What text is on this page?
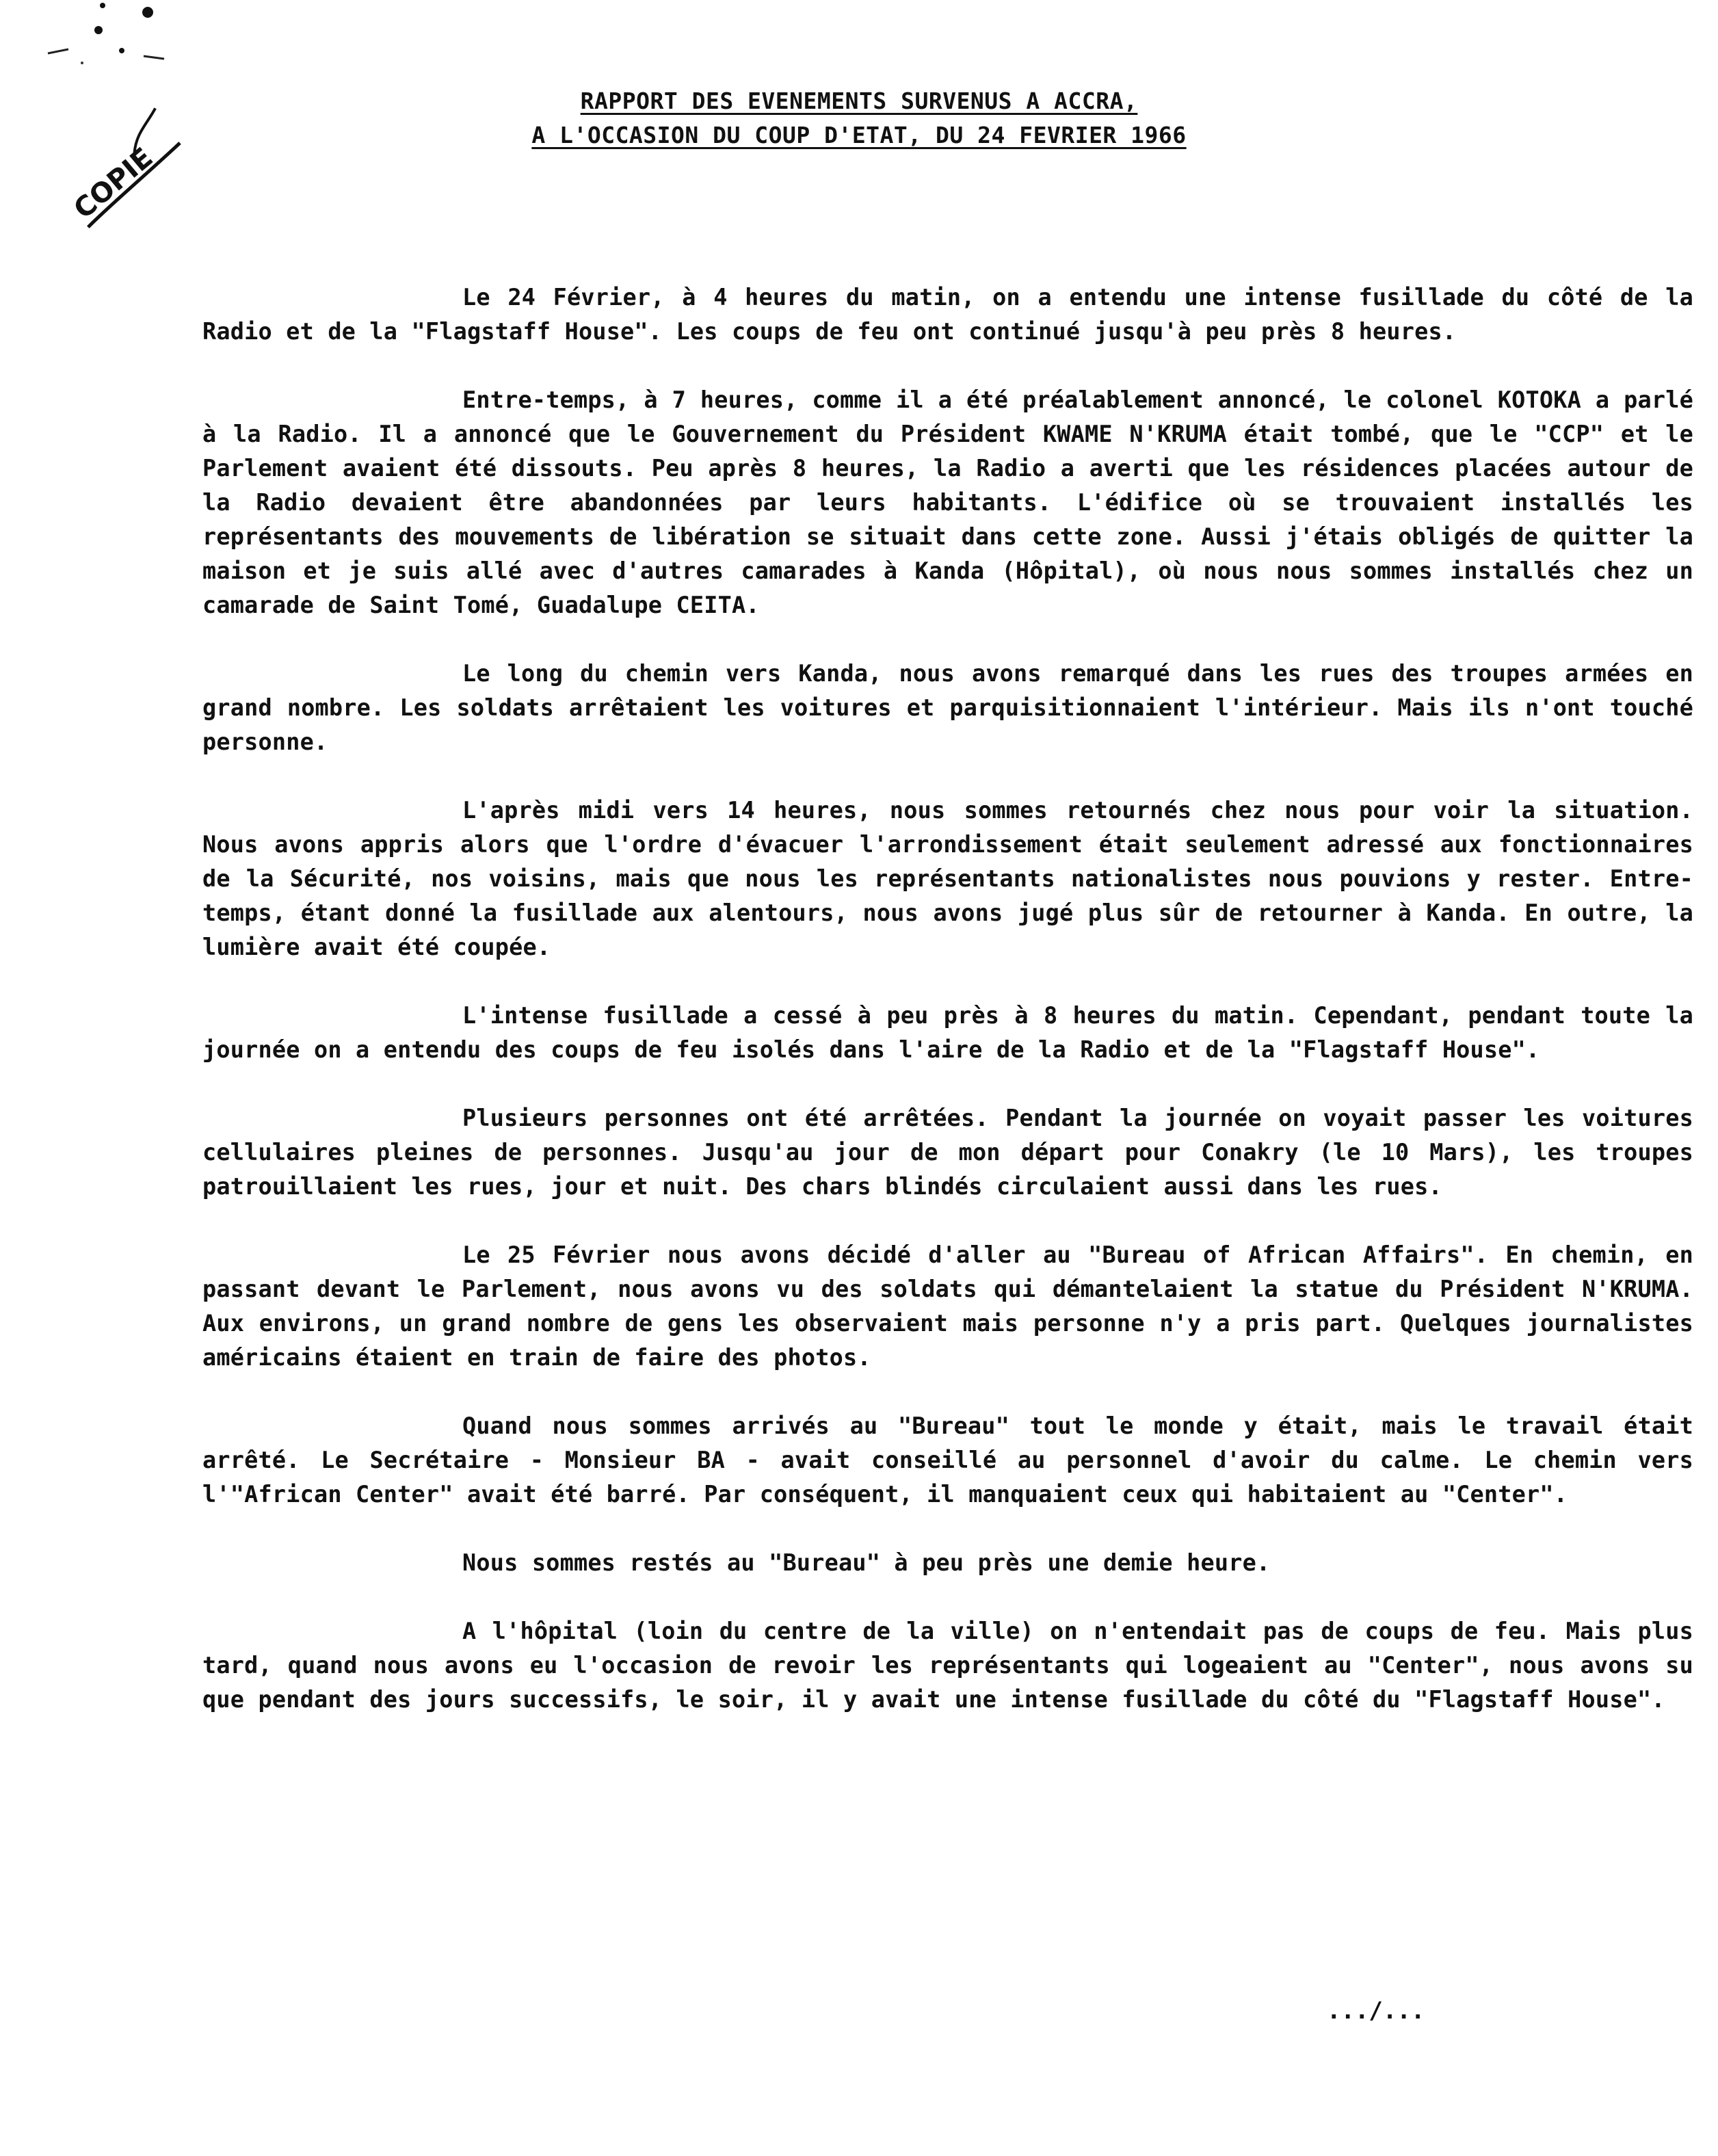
COPIE
RAPPORT DES EVENEMENTS SURVENUS A ACCRA,
A L'OCCASION DU COUP D'ETAT, DU 24 FEVRIER 1966

Le 24 Février, à 4 heures du matin, on a entendu une intense fusillade du côté de la Radio et de la "Flagstaff House". Les coups de feu ont continué jusqu'à peu près 8 heures.

Entre-temps, à 7 heures, comme il a été préalablement annoncé, le colonel KOTOKA a parlé à la Radio. Il a annoncé que le Gouvernement du Président KWAME N'KRUMA était tombé, que le "CCP" et le Parlement avaient été dissouts. Peu après 8 heures, la Radio a averti que les résidences placées autour de la Radio devaient être abandonnées par leurs habitants. L'édifice où se trouvaient installés les représentants des mouvements de libération se situait dans cette zone. Aussi j'étais obligés de quitter la maison et je suis allé avec d'autres camarades à Kanda (Hôpital), où nous nous sommes installés chez un camarade de Saint Tomé, Guadalupe CEITA.

Le long du chemin vers Kanda, nous avons remarqué dans les rues des troupes armées en grand nombre. Les soldats arrêtaient les voitures et parquisitionnaient l'intérieur. Mais ils n'ont touché personne.

L'après midi vers 14 heures, nous sommes retournés chez nous pour voir la situation. Nous avons appris alors que l'ordre d'évacuer l'arrondissement était seulement adressé aux fonctionnaires de la Sécurité, nos voisins, mais que nous les représentants nationalistes nous pouvions y rester. Entre-temps, étant donné la fusillade aux alentours, nous avons jugé plus sûr de retourner à Kanda. En outre, la lumière avait été coupée.

L'intense fusillade a cessé à peu près à 8 heures du matin. Cependant, pendant toute la journée on a entendu des coups de feu isolés dans l'aire de la Radio et de la "Flagstaff House".

Plusieurs personnes ont été arrêtées. Pendant la journée on voyait passer les voitures cellulaires pleines de personnes. Jusqu'au jour de mon départ pour Conakry (le 10 Mars), les troupes patrouillaient les rues, jour et nuit. Des chars blindés circulaient aussi dans les rues.

Le 25 Février nous avons décidé d'aller au "Bureau of African Affairs". En chemin, en passant devant le Parlement, nous avons vu des soldats qui démantelaient la statue du Président N'KRUMA. Aux environs, un grand nombre de gens les observaient mais personne n'y a pris part. Quelques journalistes américains étaient en train de faire des photos.

Quand nous sommes arrivés au "Bureau" tout le monde y était, mais le travail était arrêté. Le Secrétaire - Monsieur BA - avait conseillé au personnel d'avoir du calme. Le chemin vers l'"African Center" avait été barré. Par conséquent, il manquaient ceux qui habitaient au "Center".

Nous sommes restés au "Bureau" à peu près une demie heure.

A l'hôpital (loin du centre de la ville) on n'entendait pas de coups de feu. Mais plus tard, quand nous avons eu l'occasion de revoir les représentants qui logeaient au "Center", nous avons su que pendant des jours successifs, le soir, il y avait une intense fusillade du côté du "Flagstaff House".

.../...
